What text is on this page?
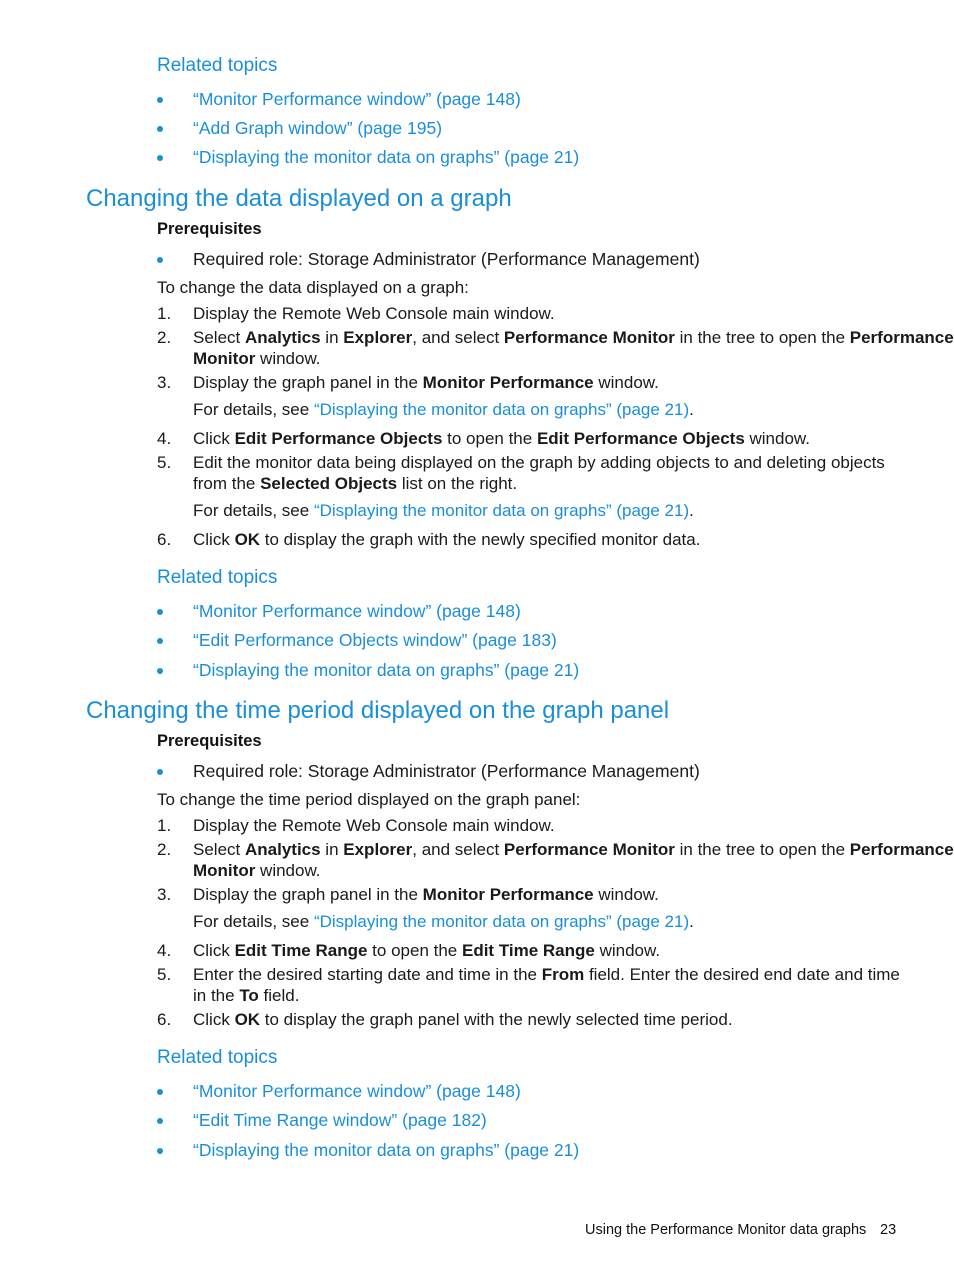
Related topics
“Monitor Performance window” (page 148)
“Add Graph window” (page 195)
“Displaying the monitor data on graphs” (page 21)
Changing the data displayed on a graph
Prerequisites
Required role: Storage Administrator (Performance Management)
To change the data displayed on a graph:
1. Display the Remote Web Console main window.
2. Select Analytics in Explorer, and select Performance Monitor in the tree to open the Performance
Monitor window.
3. Display the graph panel in the Monitor Performance window.
For details, see “Displaying the monitor data on graphs” (page 21).
4. Click Edit Performance Objects to open the Edit Performance Objects window.
5. Edit the monitor data being displayed on the graph by adding objects to and deleting objects
from the Selected Objects list on the right.
For details, see “Displaying the monitor data on graphs” (page 21).
6. Click OK to display the graph with the newly specified monitor data.
Related topics
“Monitor Performance window” (page 148)
“Edit Performance Objects window” (page 183)
“Displaying the monitor data on graphs” (page 21)
Changing the time period displayed on the graph panel
Prerequisites
Required role: Storage Administrator (Performance Management)
To change the time period displayed on the graph panel:
1. Display the Remote Web Console main window.
2. Select Analytics in Explorer, and select Performance Monitor in the tree to open the Performance
Monitor window.
3. Display the graph panel in the Monitor Performance window.
For details, see “Displaying the monitor data on graphs” (page 21).
4. Click Edit Time Range to open the Edit Time Range window.
5. Enter the desired starting date and time in the From field. Enter the desired end date and time
in the To field.
6. Click OK to display the graph panel with the newly selected time period.
Related topics
“Monitor Performance window” (page 148)
“Edit Time Range window” (page 182)
“Displaying the monitor data on graphs” (page 21)
Using the Performance Monitor data graphs 23
